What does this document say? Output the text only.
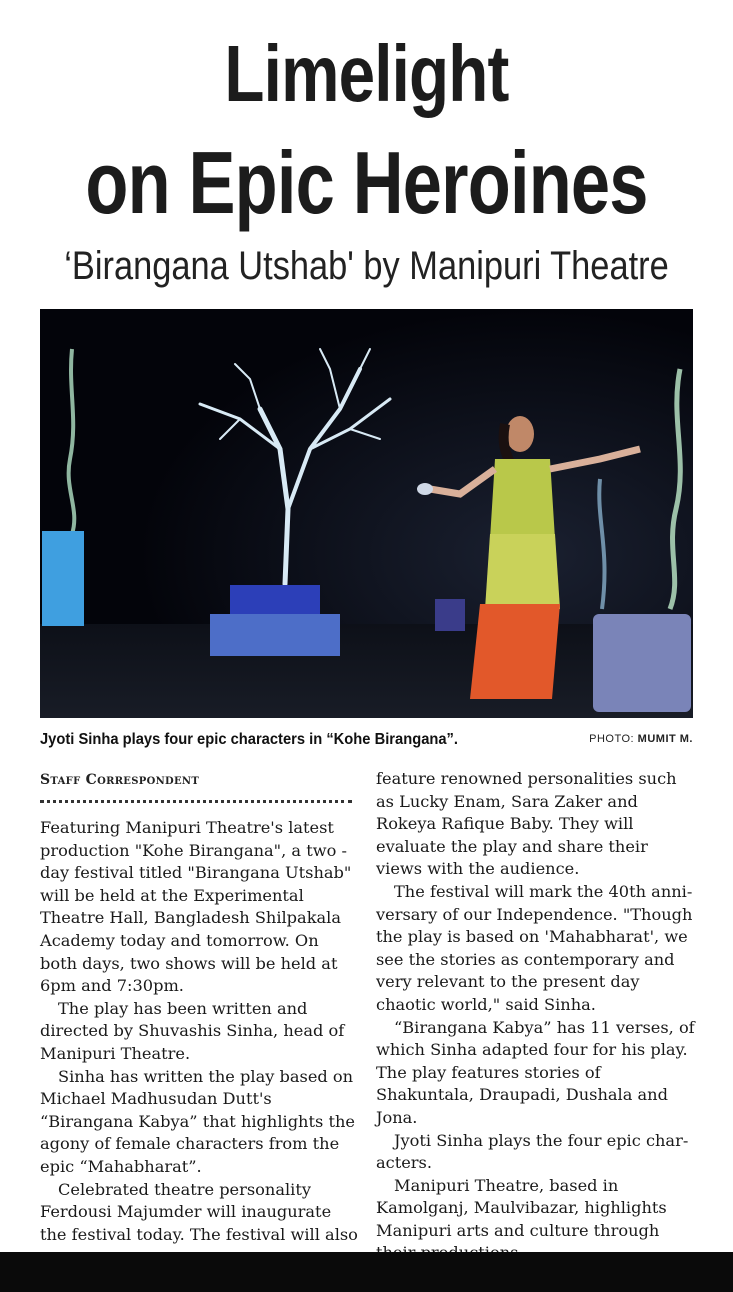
Limelight
on Epic Heroines
‘Birangana Utshab' by Manipuri Theatre
Jyoti Sinha plays four epic characters in “Kohe Birangana”.	PHOTO: MUMIT M.
Staff Correspondent

Featuring Manipuri Theatre's latest production "Kohe Birangana", a two - day festival titled "Birangana Utshab" will be held at the Experimental Theatre Hall, Bangladesh Shilpakala Academy today and tomorrow. On both days, two shows will be held at 6pm and 7:30pm.

The play has been written and directed by Shuvashis Sinha, head of Manipuri Theatre.

Sinha has written the play based on Michael Madhusudan Dutt's “Birangana Kabya” that highlights the agony of female characters from the epic “Mahabharat”.

Celebrated theatre personality Ferdousi Majumder will inaugurate the festival today. The festival will also

feature renowned personalities such as Lucky Enam, Sara Zaker and Rokeya Rafique Baby. They will evaluate the play and share their views with the audience.

The festival will mark the 40th anni-versary of our Independence. "Though the play is based on 'Mahabharat', we see the stories as contemporary and very relevant to the present day chaotic world," said Sinha.

“Birangana Kabya” has 11 verses, of which Sinha adapted four for his play. The play features stories of Shakuntala, Draupadi, Dushala and Jona.

Jyoti Sinha plays the four epic char-acters.

Manipuri Theatre, based in Kamolganj, Maulvibazar, highlights Manipuri arts and culture through
